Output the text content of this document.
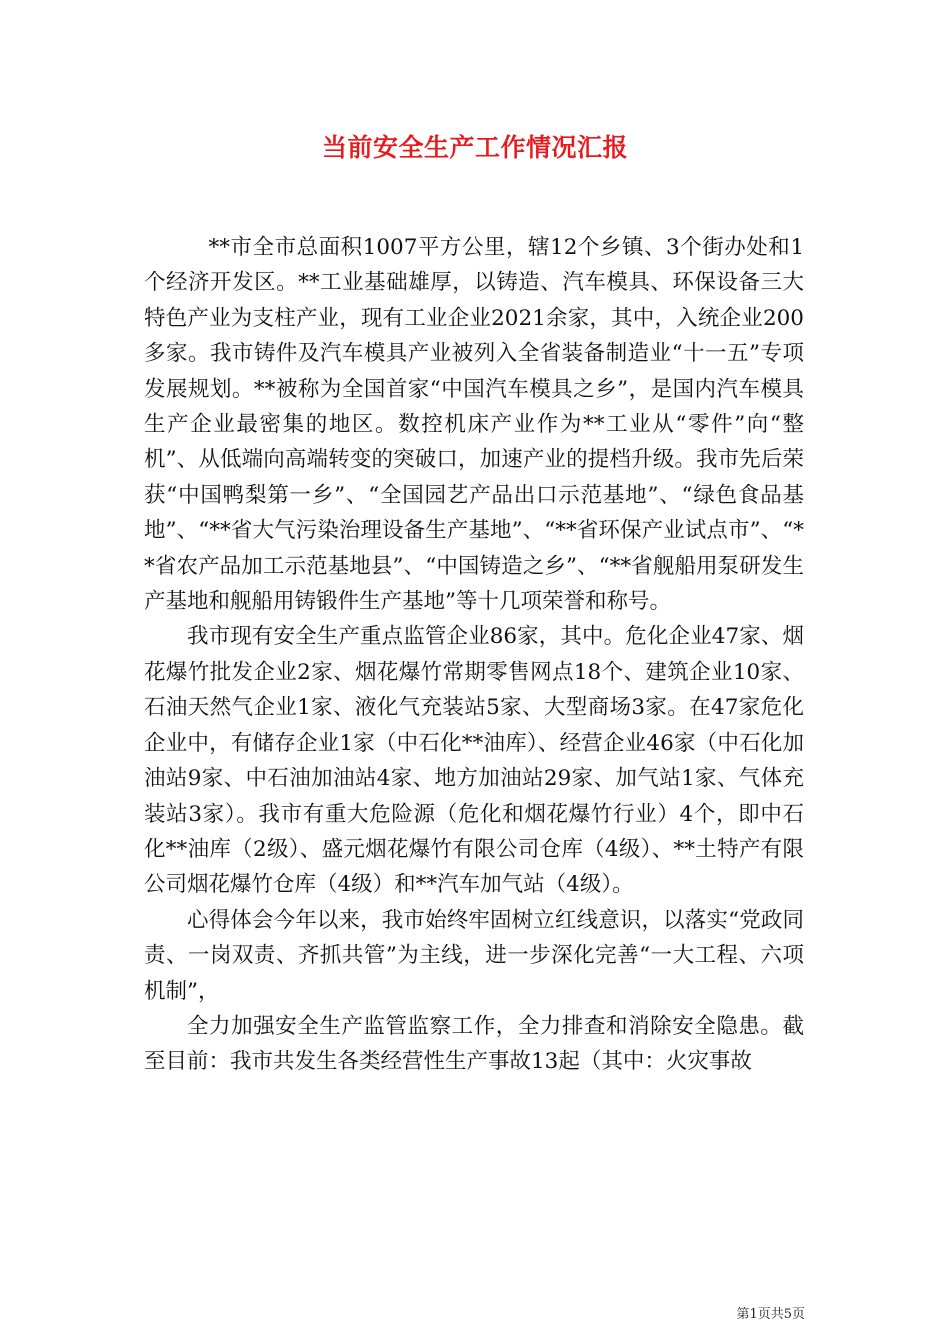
当前安全生产工作情况汇报

**市全市总面积1007平方公里，辖12个乡镇、3个街办处和1个经济开发区。**工业基础雄厚，以铸造、汽车模具、环保设备三大特色产业为支柱产业，现有工业企业2021余家，其中，入统企业200多家。我市铸件及汽车模具产业被列入全省装备制造业“十一五”专项发展规划。**被称为全国首家“中国汽车模具之乡”，是国内汽车模具生产企业最密集的地区。数控机床产业作为**工业从“零件”向“整机”、从低端向高端转变的突破口，加速产业的提档升级。我市先后荣获“中国鸭梨第一乡”、“全国园艺产品出口示范基地”、“绿色食品基地”、“**省大气污染治理设备生产基地”、“**省环保产业试点市”、“**省农产品加工示范基地县”、“中国铸造之乡”、“**省舰船用泵研发生产基地和舰船用铸锻件生产基地”等十几项荣誉和称号。

我市现有安全生产重点监管企业86家，其中。危化企业47家、烟花爆竹批发企业2家、烟花爆竹常期零售网点18个、建筑企业10家、石油天然气企业1家、液化气充装站5家、大型商场3家。在47家危化企业中，有储存企业1家（中石化**油库）、经营企业46家（中石化加油站9家、中石油加油站4家、地方加油站29家、加气站1家、气体充装站3家）。我市有重大危险源（危化和烟花爆竹行业）4个，即中石化**油库（2级）、盛元烟花爆竹有限公司仓库（4级）、**土特产有限公司烟花爆竹仓库（4级）和**汽车加气站（4级）。

心得体会今年以来，我市始终牢固树立红线意识，以落实“党政同责、一岗双责、齐抓共管”为主线，进一步深化完善“一大工程、六项机制”，

全力加强安全生产监管监察工作，全力排查和消除安全隐患。截至目前：我市共发生各类经营性生产事故13起（其中：火灾事故

第1页共5页
